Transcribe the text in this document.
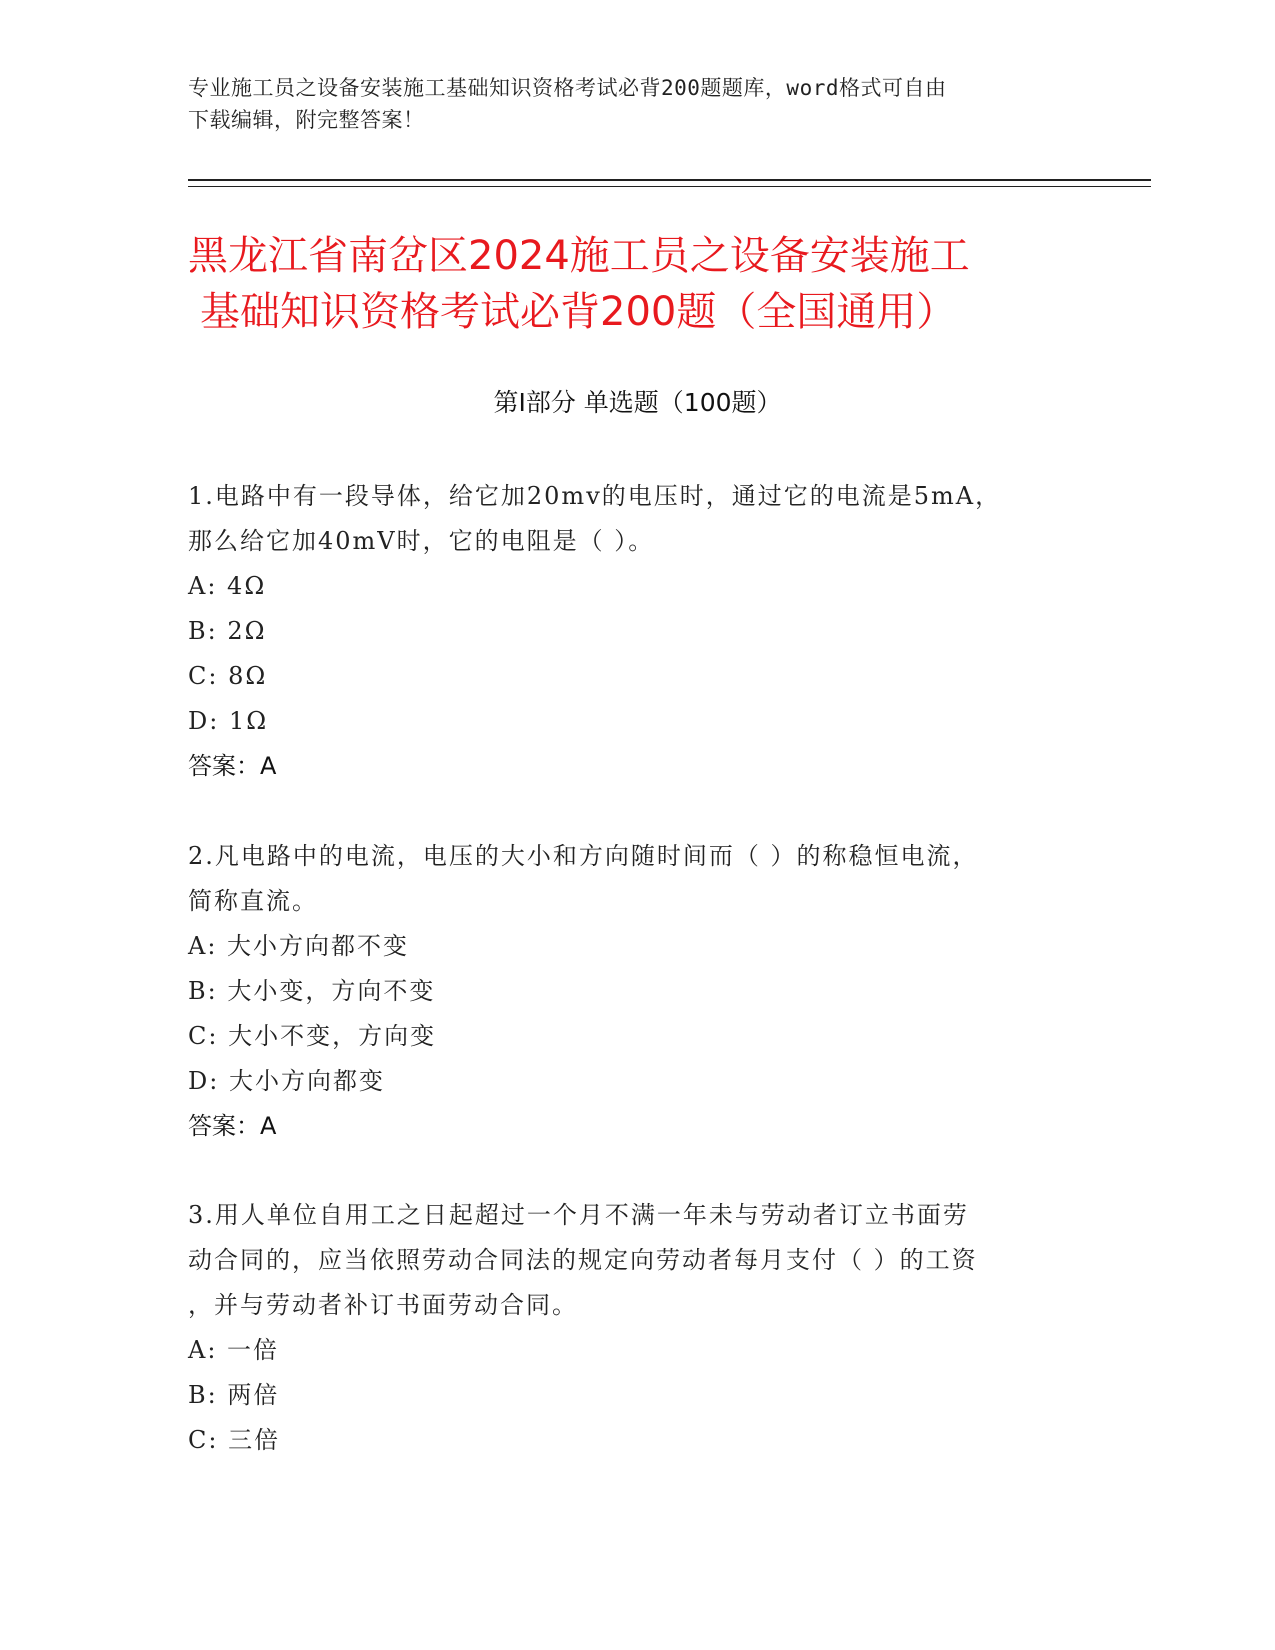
专业施工员之设备安装施工基础知识资格考试必背200题题库，word格式可自由
下载编辑，附完整答案！
黑龙江省南岔区2024施工员之设备安装施工
基础知识资格考试必背200题（全国通用）
第Ⅰ部分 单选题（100题）
1.电路中有一段导体，给它加20mv的电压时，通过它的电流是5mA，
那么给它加40mV时，它的电阻是（ ）。
A: 4Ω
B: 2Ω
C: 8Ω
D: 1Ω
答案：A
2.凡电路中的电流，电压的大小和方向随时间而（ ）的称稳恒电流，
简称直流。
A: 大小方向都不变
B: 大小变，方向不变
C: 大小不变，方向变
D: 大小方向都变
答案：A
3.用人单位自用工之日起超过一个月不满一年未与劳动者订立书面劳
动合同的，应当依照劳动合同法的规定向劳动者每月支付（ ）的工资
，并与劳动者补订书面劳动合同。
A: 一倍
B: 两倍
C: 三倍
